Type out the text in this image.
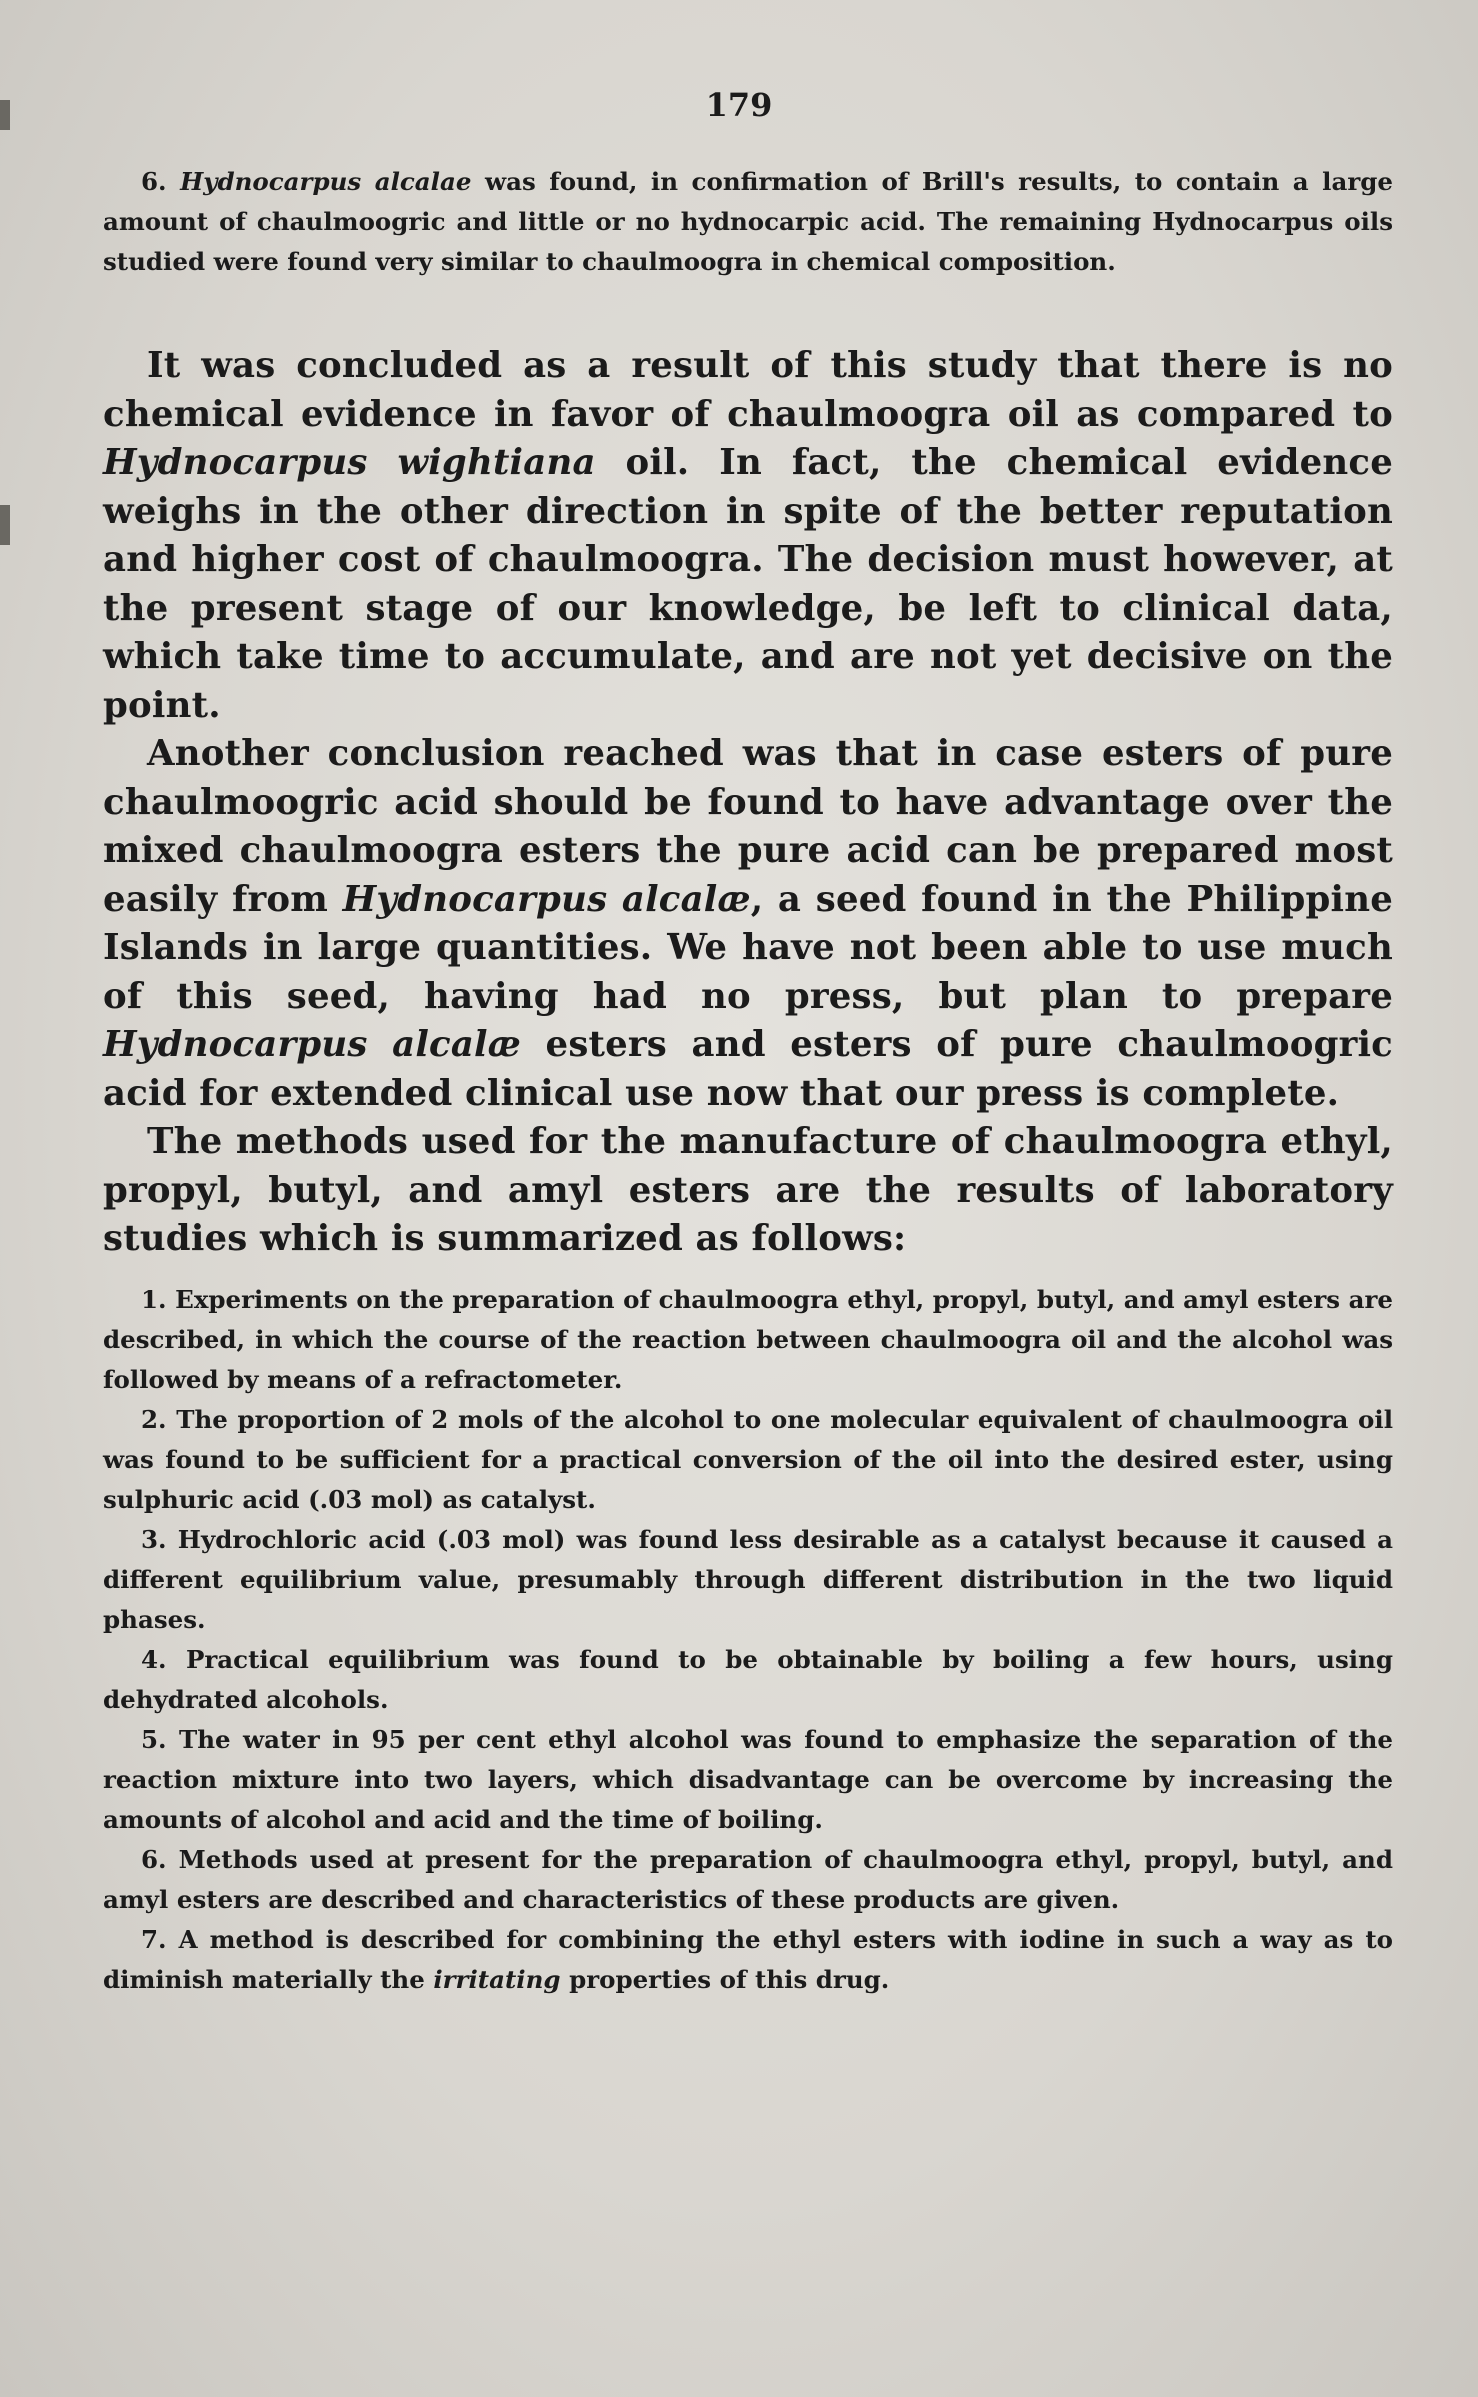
179

6. Hydnocarpus alcalae was found, in confirmation of Brill's results, to contain a large amount of chaulmoogric and little or no hydnocarpic acid. The remaining Hydnocarpus oils studied were found very similar to chaulmoogra in chemical composition.

It was concluded as a result of this study that there is no chemical evidence in favor of chaulmoogra oil as compared to Hydnocarpus wightiana oil. In fact, the chemical evidence weighs in the other direction in spite of the better reputation and higher cost of chaulmoogra. The decision must however, at the present stage of our knowledge, be left to clinical data, which take time to accumulate, and are not yet decisive on the point.

Another conclusion reached was that in case esters of pure chaulmoogric acid should be found to have advantage over the mixed chaulmoogra esters the pure acid can be prepared most easily from Hydnocarpus alcalæ, a seed found in the Philippine Islands in large quantities. We have not been able to use much of this seed, having had no press, but plan to prepare Hydnocarpus alcalæ esters and esters of pure chaulmoogric acid for extended clinical use now that our press is complete.

The methods used for the manufacture of chaulmoogra ethyl, propyl, butyl, and amyl esters are the results of laboratory studies which is summarized as follows:

1. Experiments on the preparation of chaulmoogra ethyl, propyl, butyl, and amyl esters are described, in which the course of the reaction between chaulmoogra oil and the alcohol was followed by means of a refractometer.
2. The proportion of 2 mols of the alcohol to one molecular equivalent of chaulmoogra oil was found to be sufficient for a practical conversion of the oil into the desired ester, using sulphuric acid (.03 mol) as catalyst.
3. Hydrochloric acid (.03 mol) was found less desirable as a catalyst because it caused a different equilibrium value, presumably through different distribution in the two liquid phases.
4. Practical equilibrium was found to be obtainable by boiling a few hours, using dehydrated alcohols.
5. The water in 95 per cent ethyl alcohol was found to emphasize the separation of the reaction mixture into two layers, which disadvantage can be overcome by increasing the amounts of alcohol and acid and the time of boiling.
6. Methods used at present for the preparation of chaulmoogra ethyl, propyl, butyl, and amyl esters are described and characteristics of these products are given.

7. A method is described for combining the ethyl esters with iodine in such a way as to diminish materially the irritating properties of this drug.
